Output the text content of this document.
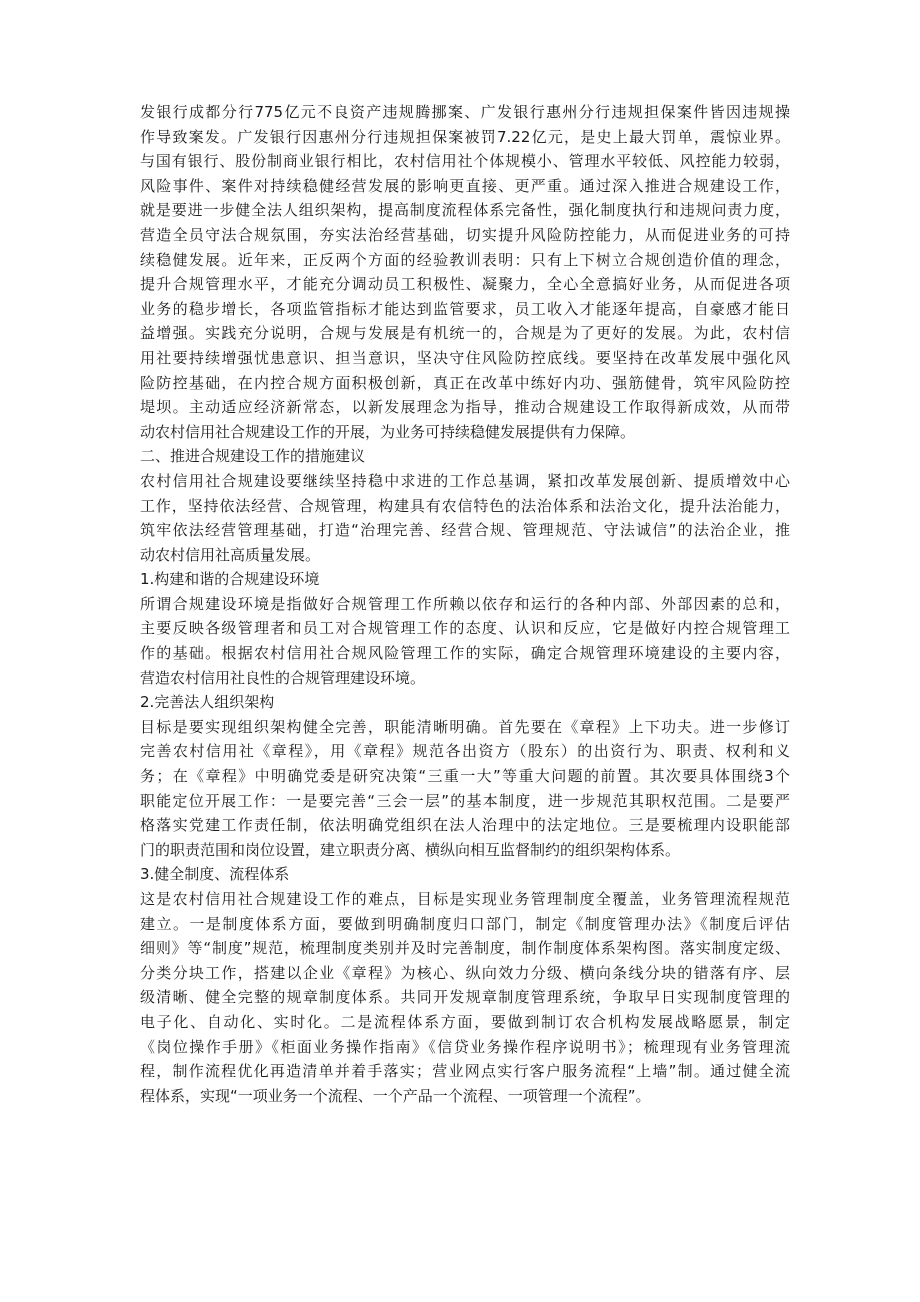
发银行成都分行775亿元不良资产违规腾挪案、广发银行惠州分行违规担保案件皆因违规操
作导致案发。广发银行因惠州分行违规担保案被罚7.22亿元，是史上最大罚单，震惊业界。
与国有银行、股份制商业银行相比，农村信用社个体规模小、管理水平较低、风控能力较弱，
风险事件、案件对持续稳健经营发展的影响更直接、更严重。通过深入推进合规建设工作，
就是要进一步健全法人组织架构，提高制度流程体系完备性，强化制度执行和违规问责力度，
营造全员守法合规氛围，夯实法治经营基础，切实提升风险防控能力，从而促进业务的可持
续稳健发展。近年来，正反两个方面的经验教训表明：只有上下树立合规创造价值的理念，
提升合规管理水平，才能充分调动员工积极性、凝聚力，全心全意搞好业务，从而促进各项
业务的稳步增长，各项监管指标才能达到监管要求，员工收入才能逐年提高，自豪感才能日
益增强。实践充分说明，合规与发展是有机统一的，合规是为了更好的发展。为此，农村信
用社要持续增强忧患意识、担当意识，坚决守住风险防控底线。要坚持在改革发展中强化风
险防控基础，在内控合规方面积极创新，真正在改革中练好内功、强筋健骨，筑牢风险防控
堤坝。主动适应经济新常态，以新发展理念为指导，推动合规建设工作取得新成效，从而带
动农村信用社合规建设工作的开展，为业务可持续稳健发展提供有力保障。
二、推进合规建设工作的措施建议
农村信用社合规建设要继续坚持稳中求进的工作总基调，紧扣改革发展创新、提质增效中心
工作，坚持依法经营、合规管理，构建具有农信特色的法治体系和法治文化，提升法治能力，
筑牢依法经营管理基础，打造“治理完善、经营合规、管理规范、守法诚信”的法治企业，推
动农村信用社高质量发展。
1.构建和谐的合规建设环境
所谓合规建设环境是指做好合规管理工作所赖以依存和运行的各种内部、外部因素的总和，
主要反映各级管理者和员工对合规管理工作的态度、认识和反应，它是做好内控合规管理工
作的基础。根据农村信用社合规风险管理工作的实际，确定合规管理环境建设的主要内容，
营造农村信用社良性的合规管理建设环境。
2.完善法人组织架构
目标是要实现组织架构健全完善，职能清晰明确。首先要在《章程》上下功夫。进一步修订
完善农村信用社《章程》，用《章程》规范各出资方（股东）的出资行为、职责、权利和义
务；在《章程》中明确党委是研究决策“三重一大”等重大问题的前置。其次要具体围绕3个
职能定位开展工作：一是要完善“三会一层”的基本制度，进一步规范其职权范围。二是要严
格落实党建工作责任制，依法明确党组织在法人治理中的法定地位。三是要梳理内设职能部
门的职责范围和岗位设置，建立职责分离、横纵向相互监督制约的组织架构体系。
3.健全制度、流程体系
这是农村信用社合规建设工作的难点，目标是实现业务管理制度全覆盖，业务管理流程规范
建立。一是制度体系方面，要做到明确制度归口部门，制定《制度管理办法》《制度后评估
细则》等“制度”规范，梳理制度类别并及时完善制度，制作制度体系架构图。落实制度定级、
分类分块工作，搭建以企业《章程》为核心、纵向效力分级、横向条线分块的错落有序、层
级清晰、健全完整的规章制度体系。共同开发规章制度管理系统，争取早日实现制度管理的
电子化、自动化、实时化。二是流程体系方面，要做到制订农合机构发展战略愿景，制定
《岗位操作手册》《柜面业务操作指南》《信贷业务操作程序说明书》；梳理现有业务管理流
程，制作流程优化再造清单并着手落实；营业网点实行客户服务流程“上墙”制。通过健全流
程体系，实现“一项业务一个流程、一个产品一个流程、一项管理一个流程”。
